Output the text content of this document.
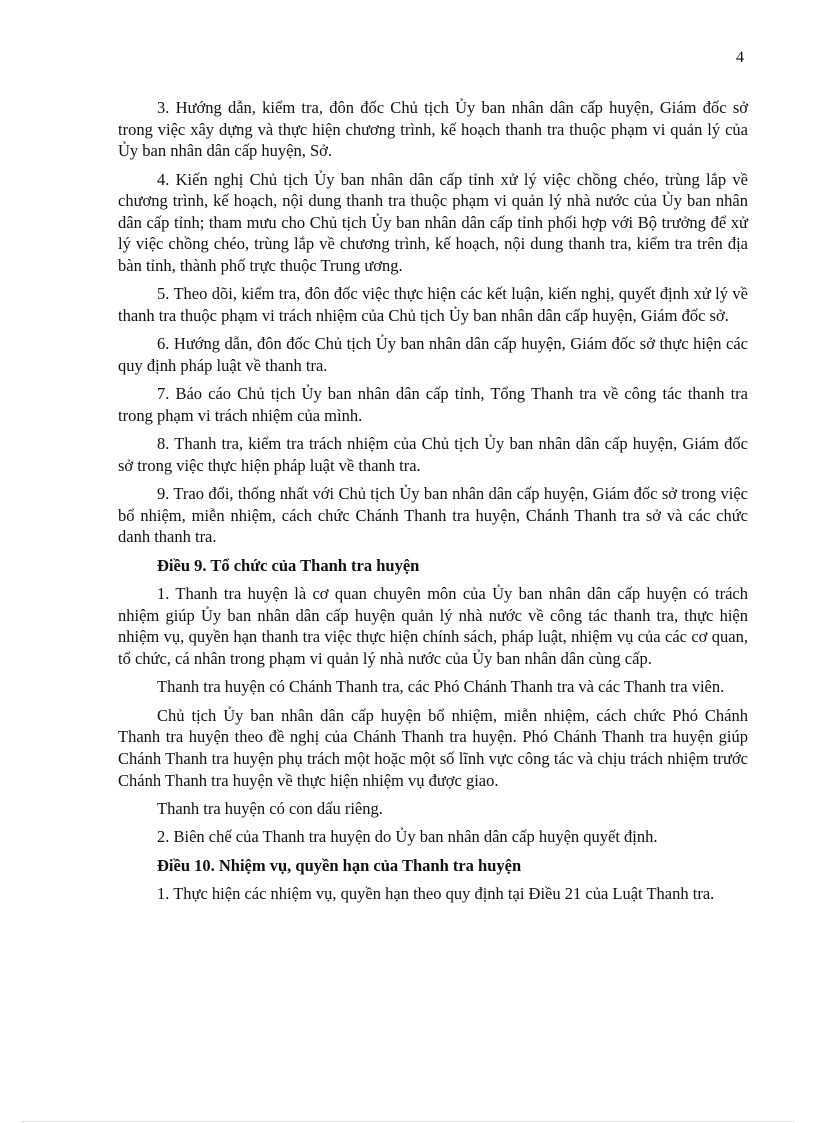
4

3. Hướng dẫn, kiểm tra, đôn đốc Chủ tịch Ủy ban nhân dân cấp huyện, Giám đốc sở trong việc xây dựng và thực hiện chương trình, kế hoạch thanh tra thuộc phạm vi quản lý của Ủy ban nhân dân cấp huyện, Sở.

4. Kiến nghị Chủ tịch Ủy ban nhân dân cấp tỉnh xử lý việc chồng chéo, trùng lắp về chương trình, kế hoạch, nội dung thanh tra thuộc phạm vi quản lý nhà nước của Ủy ban nhân dân cấp tỉnh; tham mưu cho Chủ tịch Ủy ban nhân dân cấp tỉnh phối hợp với Bộ trưởng để xử lý việc chồng chéo, trùng lắp về chương trình, kế hoạch, nội dung thanh tra, kiểm tra trên địa bàn tỉnh, thành phố trực thuộc Trung ương.

5. Theo dõi, kiểm tra, đôn đốc việc thực hiện các kết luận, kiến nghị, quyết định xử lý về thanh tra thuộc phạm vi trách nhiệm của Chủ tịch Ủy ban nhân dân cấp huyện, Giám đốc sở.

6. Hướng dẫn, đôn đốc Chủ tịch Ủy ban nhân dân cấp huyện, Giám đốc sở thực hiện các quy định pháp luật về thanh tra.

7. Báo cáo Chủ tịch Ủy ban nhân dân cấp tỉnh, Tổng Thanh tra về công tác thanh tra trong phạm vi trách nhiệm của mình.

8. Thanh tra, kiểm tra trách nhiệm của Chủ tịch Ủy ban nhân dân cấp huyện, Giám đốc sở trong việc thực hiện pháp luật về thanh tra.

9. Trao đổi, thống nhất với Chủ tịch Ủy ban nhân dân cấp huyện, Giám đốc sở trong việc bổ nhiệm, miễn nhiệm, cách chức Chánh Thanh tra huyện, Chánh Thanh tra sở và các chức danh thanh tra.

Điều 9. Tổ chức của Thanh tra huyện

1. Thanh tra huyện là cơ quan chuyên môn của Ủy ban nhân dân cấp huyện có trách nhiệm giúp Ủy ban nhân dân cấp huyện quản lý nhà nước về công tác thanh tra, thực hiện nhiệm vụ, quyền hạn thanh tra việc thực hiện chính sách, pháp luật, nhiệm vụ của các cơ quan, tổ chức, cá nhân trong phạm vi quản lý nhà nước của Ủy ban nhân dân cùng cấp.

Thanh tra huyện có Chánh Thanh tra, các Phó Chánh Thanh tra và các Thanh tra viên.

Chủ tịch Ủy ban nhân dân cấp huyện bổ nhiệm, miễn nhiệm, cách chức Phó Chánh Thanh tra huyện theo đề nghị của Chánh Thanh tra huyện. Phó Chánh Thanh tra huyện giúp Chánh Thanh tra huyện phụ trách một hoặc một số lĩnh vực công tác và chịu trách nhiệm trước Chánh Thanh tra huyện về thực hiện nhiệm vụ được giao.

Thanh tra huyện có con dấu riêng.

2. Biên chế của Thanh tra huyện do Ủy ban nhân dân cấp huyện quyết định.

Điều 10. Nhiệm vụ, quyền hạn của Thanh tra huyện

1. Thực hiện các nhiệm vụ, quyền hạn theo quy định tại Điều 21 của Luật Thanh tra.
